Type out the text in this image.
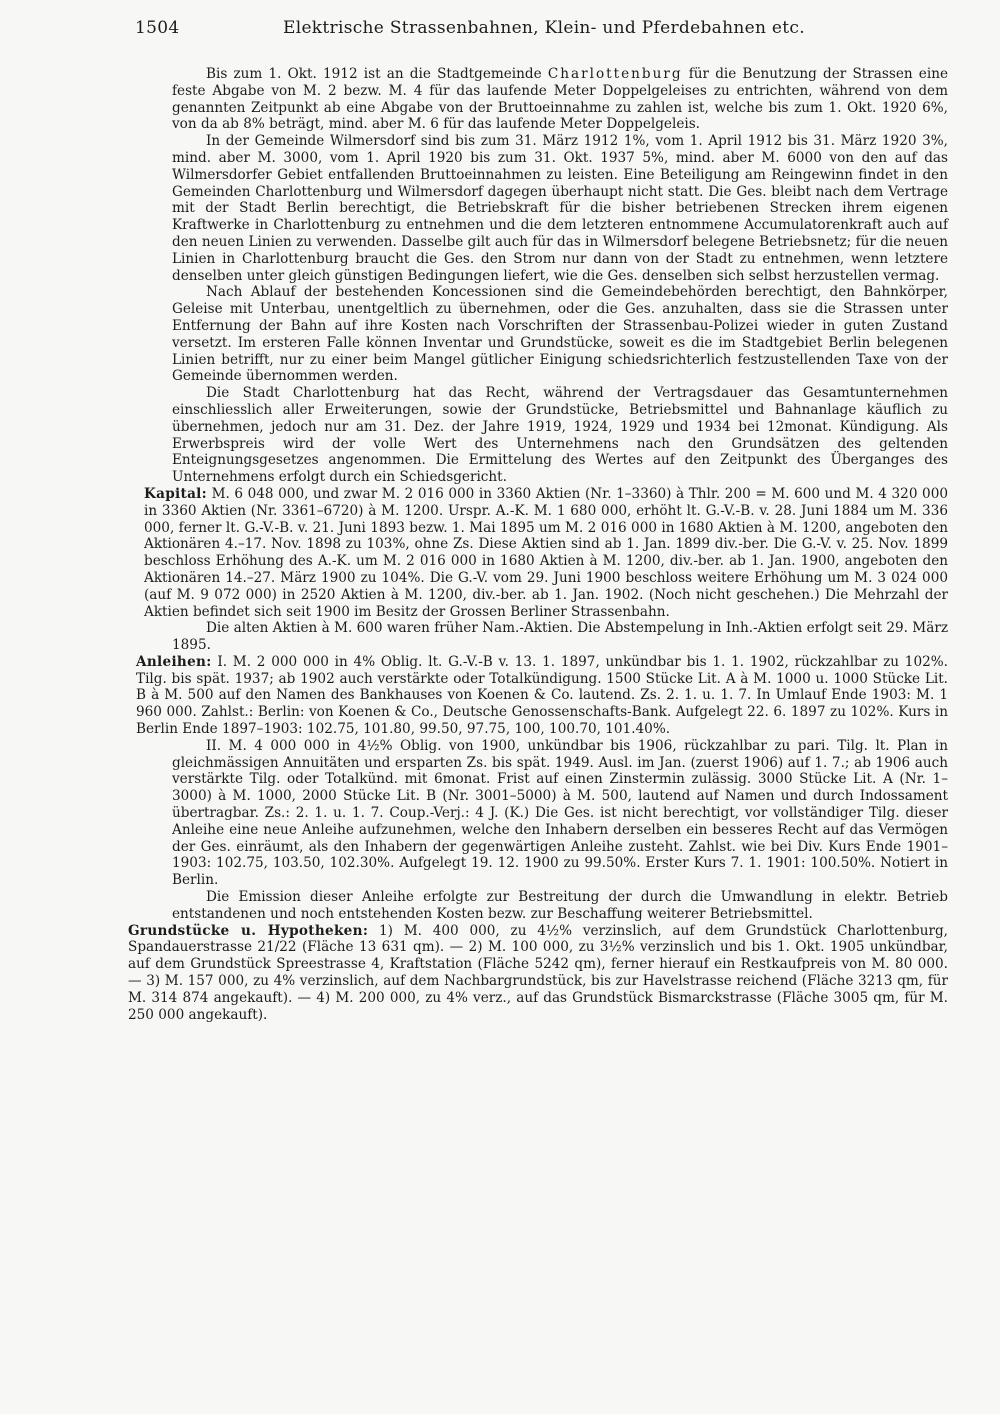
1504	Elektrische Strassenbahnen, Klein- und Pferdebahnen etc.

Bis zum 1. Okt. 1912 ist an die Stadtgemeinde Charlottenburg für die Benutzung der Strassen eine feste Abgabe von M. 2 bezw. M. 4 für das laufende Meter Doppelgeleises zu entrichten, während von dem genannten Zeitpunkt ab eine Abgabe von der Bruttoeinnahme zu zahlen ist, welche bis zum 1. Okt. 1920 6%, von da ab 8% beträgt, mind. aber M. 6 für das laufende Meter Doppelgeleis.

In der Gemeinde Wilmersdorf sind bis zum 31. März 1912 1%, vom 1. April 1912 bis 31. März 1920 3%, mind. aber M. 3000, vom 1. April 1920 bis zum 31. Okt. 1937 5%, mind. aber M. 6000 von den auf das Wilmersdorfer Gebiet entfallenden Bruttoeinnahmen zu leisten. Eine Beteiligung am Reingewinn findet in den Gemeinden Charlottenburg und Wilmersdorf dagegen überhaupt nicht statt. Die Ges. bleibt nach dem Vertrage mit der Stadt Berlin berechtigt, die Betriebskraft für die bisher betriebenen Strecken ihrem eigenen Kraftwerke in Charlottenburg zu entnehmen und die dem letzteren entnommene Accumulatorenkraft auch auf den neuen Linien zu verwenden. Dasselbe gilt auch für das in Wilmersdorf belegene Betriebsnetz; für die neuen Linien in Charlottenburg braucht die Ges. den Strom nur dann von der Stadt zu entnehmen, wenn letztere denselben unter gleich günstigen Bedingungen liefert, wie die Ges. denselben sich selbst herzustellen vermag.

Nach Ablauf der bestehenden Koncessionen sind die Gemeindebehörden berechtigt, den Bahnkörper, Geleise mit Unterbau, unentgeltlich zu übernehmen, oder die Ges. anzuhalten, dass sie die Strassen unter Entfernung der Bahn auf ihre Kosten nach Vorschriften der Strassenbau-Polizei wieder in guten Zustand versetzt. Im ersteren Falle können Inventar und Grundstücke, soweit es die im Stadtgebiet Berlin belegenen Linien betrifft, nur zu einer beim Mangel gütlicher Einigung schiedsrichterlich festzustellenden Taxe von der Gemeinde übernommen werden.

Die Stadt Charlottenburg hat das Recht, während der Vertragsdauer das Gesamtunternehmen einschliesslich aller Erweiterungen, sowie der Grundstücke, Betriebsmittel und Bahnanlage käuflich zu übernehmen, jedoch nur am 31. Dez. der Jahre 1919, 1924, 1929 und 1934 bei 12monat. Kündigung. Als Erwerbspreis wird der volle Wert des Unternehmens nach den Grundsätzen des geltenden Enteignungsgesetzes angenommen. Die Ermittelung des Wertes auf den Zeitpunkt des Überganges des Unternehmens erfolgt durch ein Schiedsgericht.

Kapital: M. 6 048 000, und zwar M. 2 016 000 in 3360 Aktien (Nr. 1–3360) à Thlr. 200 = M. 600 und M. 4 320 000 in 3360 Aktien (Nr. 3361–6720) à M. 1200. Urspr. A.-K. M. 1 680 000, erhöht lt. G.-V.-B. v. 28. Juni 1884 um M. 336 000, ferner lt. G.-V.-B. v. 21. Juni 1893 bezw. 1. Mai 1895 um M. 2 016 000 in 1680 Aktien à M. 1200, angeboten den Aktionären 4.–17. Nov. 1898 zu 103%, ohne Zs. Diese Aktien sind ab 1. Jan. 1899 div.-ber. Die G.-V. v. 25. Nov. 1899 beschloss Erhöhung des A.-K. um M. 2 016 000 in 1680 Aktien à M. 1200, div.-ber. ab 1. Jan. 1900, angeboten den Aktionären 14.–27. März 1900 zu 104%. Die G.-V. vom 29. Juni 1900 beschloss weitere Erhöhung um M. 3 024 000 (auf M. 9 072 000) in 2520 Aktien à M. 1200, div.-ber. ab 1. Jan. 1902. (Noch nicht geschehen.) Die Mehrzahl der Aktien befindet sich seit 1900 im Besitz der Grossen Berliner Strassenbahn.

Die alten Aktien à M. 600 waren früher Nam.-Aktien. Die Abstempelung in Inh.-Aktien erfolgt seit 29. März 1895.

Anleihen: I. M. 2 000 000 in 4% Oblig. lt. G.-V.-B v. 13. 1. 1897, unkündbar bis 1. 1. 1902, rückzahlbar zu 102%. Tilg. bis spät. 1937; ab 1902 auch verstärkte oder Totalkündigung. 1500 Stücke Lit. A à M. 1000 u. 1000 Stücke Lit. B à M. 500 auf den Namen des Bankhauses von Koenen & Co. lautend. Zs. 2. 1. u. 1. 7. In Umlauf Ende 1903: M. 1 960 000. Zahlst.: Berlin: von Koenen & Co., Deutsche Genossenschafts-Bank. Aufgelegt 22. 6. 1897 zu 102%. Kurs in Berlin Ende 1897–1903: 102.75, 101.80, 99.50, 97.75, 100, 100.70, 101.40%.

II. M. 4 000 000 in 4½% Oblig. von 1900, unkündbar bis 1906, rückzahlbar zu pari. Tilg. lt. Plan in gleichmässigen Annuitäten und ersparten Zs. bis spät. 1949. Ausl. im Jan. (zuerst 1906) auf 1. 7.; ab 1906 auch verstärkte Tilg. oder Totalkünd. mit 6monat. Frist auf einen Zinstermin zulässig. 3000 Stücke Lit. A (Nr. 1–3000) à M. 1000, 2000 Stücke Lit. B (Nr. 3001–5000) à M. 500, lautend auf Namen und durch Indossament übertragbar. Zs.: 2. 1. u. 1. 7. Coup.-Verj.: 4 J. (K.) Die Ges. ist nicht berechtigt, vor vollständiger Tilg. dieser Anleihe eine neue Anleihe aufzunehmen, welche den Inhabern derselben ein besseres Recht auf das Vermögen der Ges. einräumt, als den Inhabern der gegenwärtigen Anleihe zusteht. Zahlst. wie bei Div. Kurs Ende 1901–1903: 102.75, 103.50, 102.30%. Aufgelegt 19. 12. 1900 zu 99.50%. Erster Kurs 7. 1. 1901: 100.50%. Notiert in Berlin.

Die Emission dieser Anleihe erfolgte zur Bestreitung der durch die Umwandlung in elektr. Betrieb entstandenen und noch entstehenden Kosten bezw. zur Beschaffung weiterer Betriebsmittel.

Grundstücke u. Hypotheken: 1) M. 400 000, zu 4½% verzinslich, auf dem Grundstück Charlottenburg, Spandauerstrasse 21/22 (Fläche 13 631 qm). — 2) M. 100 000, zu 3½% verzinslich und bis 1. Okt. 1905 unkündbar, auf dem Grundstück Spreestrasse 4, Kraftstation (Fläche 5242 qm), ferner hierauf ein Restkaufpreis von M. 80 000. — 3) M. 157 000, zu 4% verzinslich, auf dem Nachbargrundstück, bis zur Havelstrasse reichend (Fläche 3213 qm, für M. 314 874 angekauft). — 4) M. 200 000, zu 4% verz., auf das Grundstück Bismarckstrasse (Fläche 3005 qm, für M. 250 000 angekauft).
